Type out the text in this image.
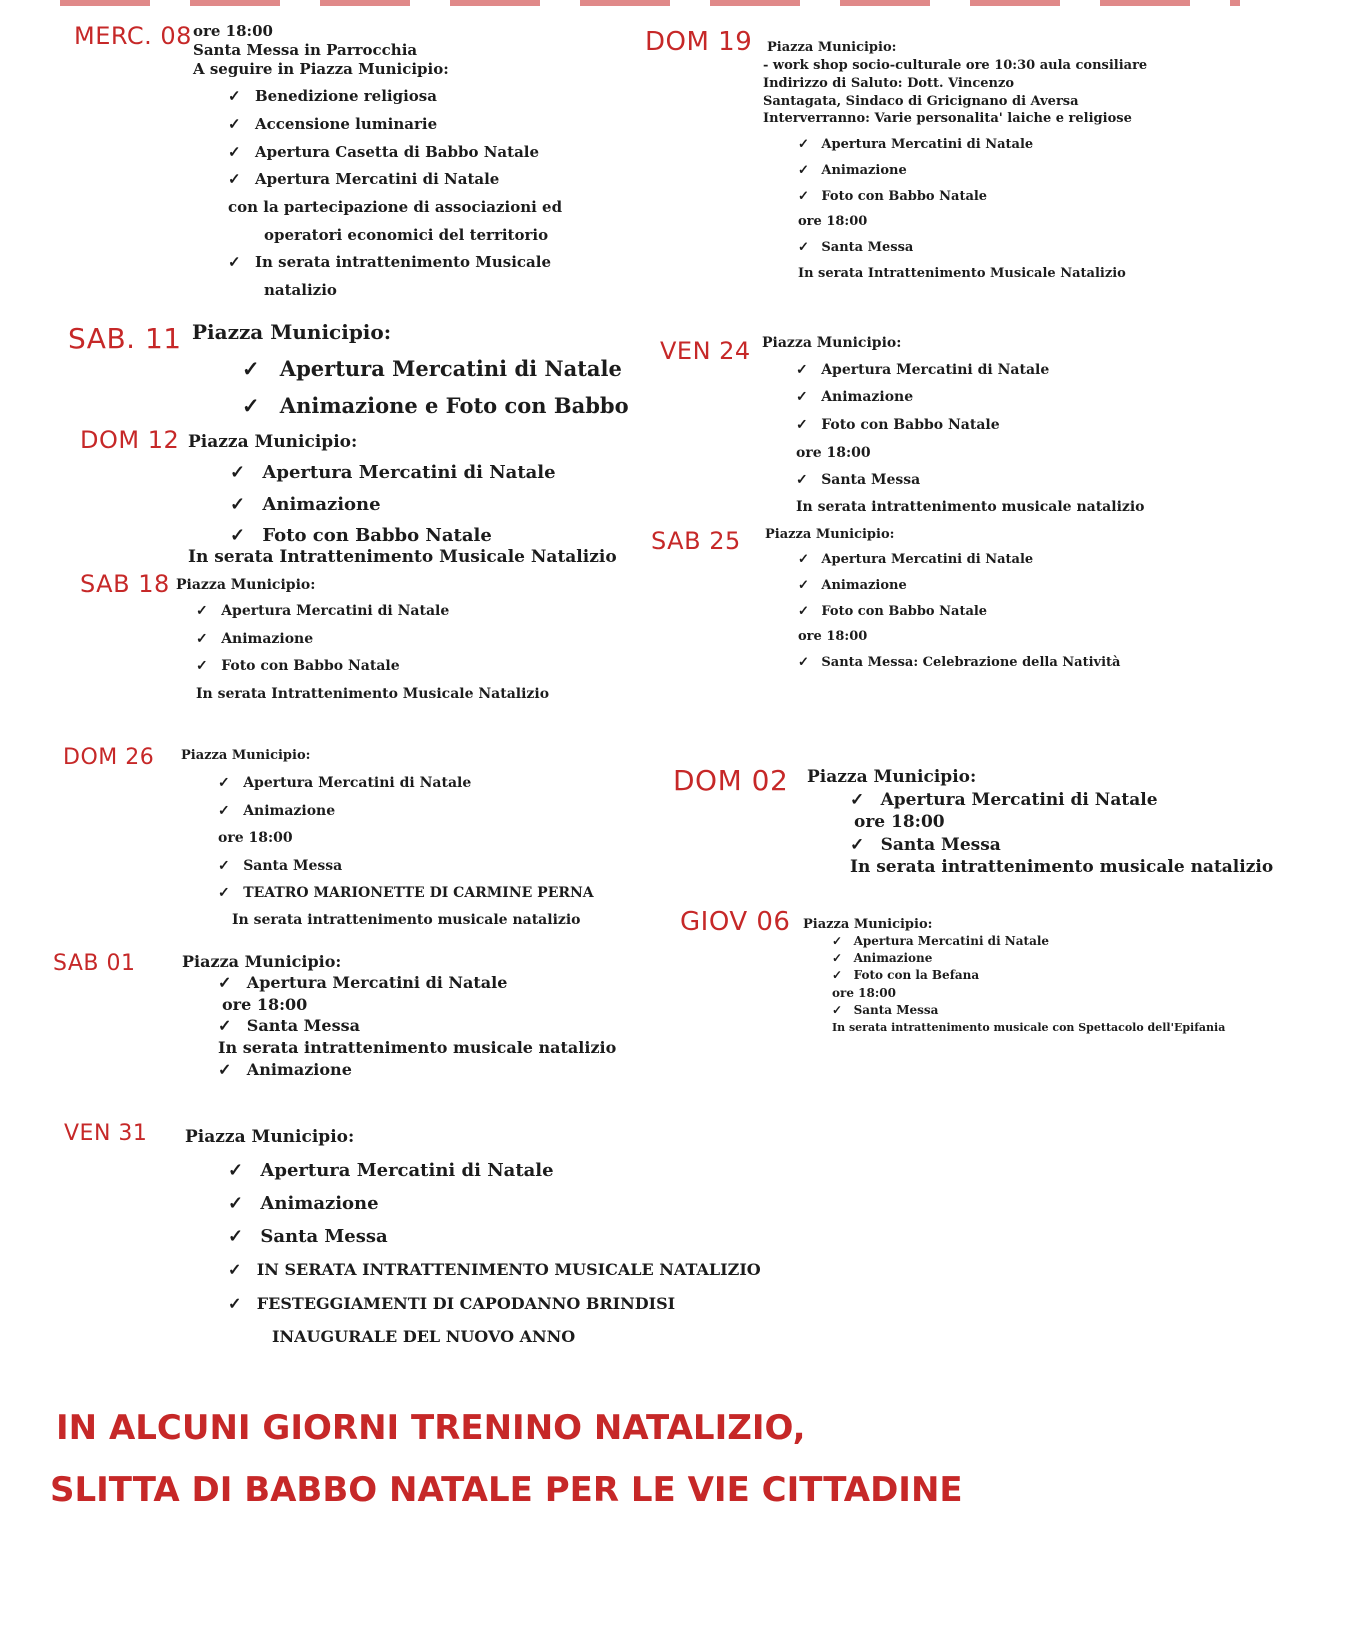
MERC. 08 ore 18:00
Santa Messa in Parrocchia
A seguire in Piazza Municipio:
✓ Benedizione religiosa
✓ Accensione luminarie
✓ Apertura Casetta di Babbo Natale
✓ Apertura Mercatini di Natale
con la partecipazione di associazioni ed
operatori economici del territorio
✓ In serata intrattenimento Musicale
natalizio
SAB. 11 Piazza Municipio:
✓ Apertura Mercatini di Natale
✓ Animazione e Foto con Babbo
DOM 12 Piazza Municipio:
✓ Apertura Mercatini di Natale
✓ Animazione
✓ Foto con Babbo Natale
In serata Intrattenimento Musicale Natalizio
SAB 18 Piazza Municipio:
✓ Apertura Mercatini di Natale
✓ Animazione
✓ Foto con Babbo Natale
In serata Intrattenimento Musicale Natalizio
DOM 19 Piazza Municipio:
- work shop socio-culturale ore 10:30 aula consiliare
Indirizzo di Saluto: Dott. Vincenzo
Santagata, Sindaco di Gricignano di Aversa
Interverranno: Varie personalita' laiche e religiose
✓ Apertura Mercatini di Natale
✓ Animazione
✓ Foto con Babbo Natale
ore 18:00
✓ Santa Messa
In serata Intrattenimento Musicale Natalizio
VEN 24 Piazza Municipio:
✓ Apertura Mercatini di Natale
✓ Animazione
✓ Foto con Babbo Natale
ore 18:00
✓ Santa Messa
In serata intrattenimento musicale natalizio
SAB 25 Piazza Municipio:
✓ Apertura Mercatini di Natale
✓ Animazione
✓ Foto con Babbo Natale
ore 18:00
✓ Santa Messa: Celebrazione della Natività
DOM 26 Piazza Municipio:
✓ Apertura Mercatini di Natale
✓ Animazione
ore 18:00
✓ Santa Messa
✓ TEATRO MARIONETTE DI CARMINE PERNA
In serata intrattenimento musicale natalizio
SAB 01	Piazza Municipio:
✓ Apertura Mercatini di Natale
ore 18:00
✓ Santa Messa
In serata intrattenimento musicale natalizio
✓ Animazione
VEN 31 Piazza Municipio:
✓ Apertura Mercatini di Natale
✓ Animazione
✓ Santa Messa
✓ IN SERATA INTRATTENIMENTO MUSICALE NATALIZIO
✓ FESTEGGIAMENTI DI CAPODANNO BRINDISI
INAUGURALE DEL NUOVO ANNO
DOM 02 Piazza Municipio:
✓ Apertura Mercatini di Natale
ore 18:00
✓ Santa Messa
In serata intrattenimento musicale natalizio
GIOV 06 Piazza Municipio:
✓ Apertura Mercatini di Natale
✓ Animazione
✓ Foto con la Befana
ore 18:00
✓ Santa Messa
In serata intrattenimento musicale con Spettacolo dell'Epifania
IN ALCUNI GIORNI TRENINO NATALIZIO,
SLITTA DI BABBO NATALE PER LE VIE CITTADINE
